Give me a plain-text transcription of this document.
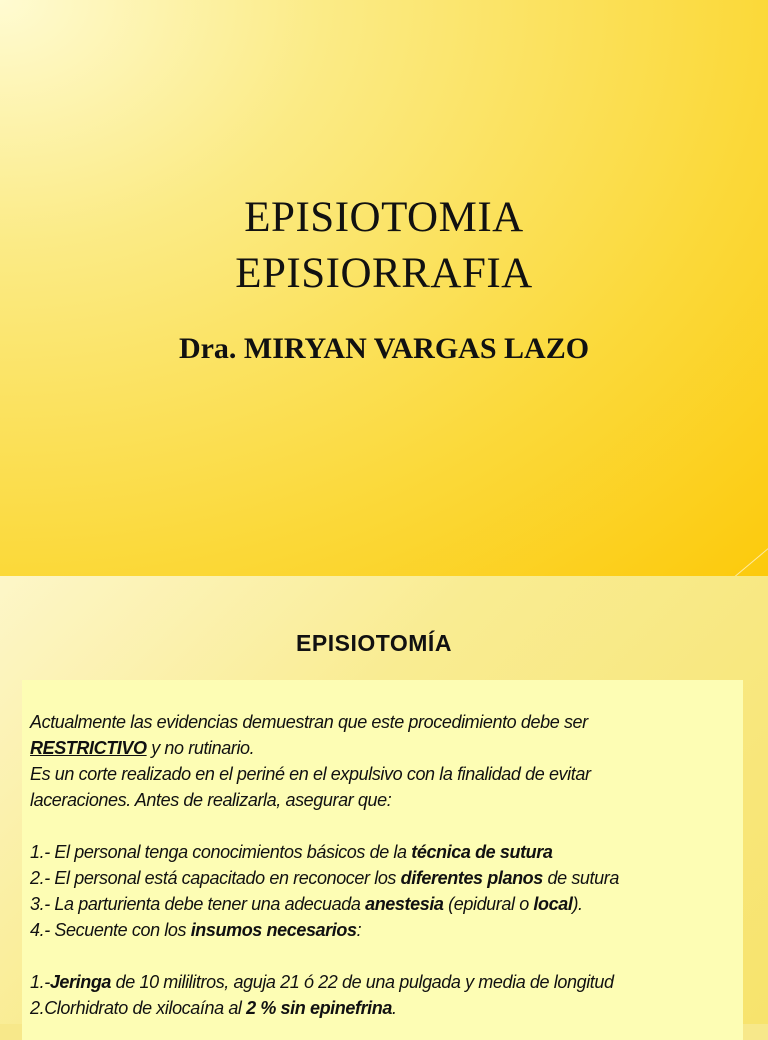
EPISIOTOMIA
EPISIORRAFIA
Dra. MIRYAN VARGAS LAZO
EPISIOTOMÍA

Actualmente las evidencias demuestran que este procedimiento debe ser

RESTRICTIVO y no rutinario.

Es un corte realizado en el periné en el expulsivo con la finalidad de evitar

laceraciones. Antes de realizarla, asegurar que:

1.- El personal tenga conocimientos básicos de la técnica de sutura

2.- El personal está capacitado en reconocer los diferentes planos de sutura

3.- La parturienta debe tener una adecuada anestesia (epidural o local).

4.- Secuente con los insumos necesarios:

1.-Jeringa de 10 mililitros, aguja 21 ó 22 de una pulgada y media de longitud

2.Clorhidrato de xilocaína al 2 % sin epinefrina.
